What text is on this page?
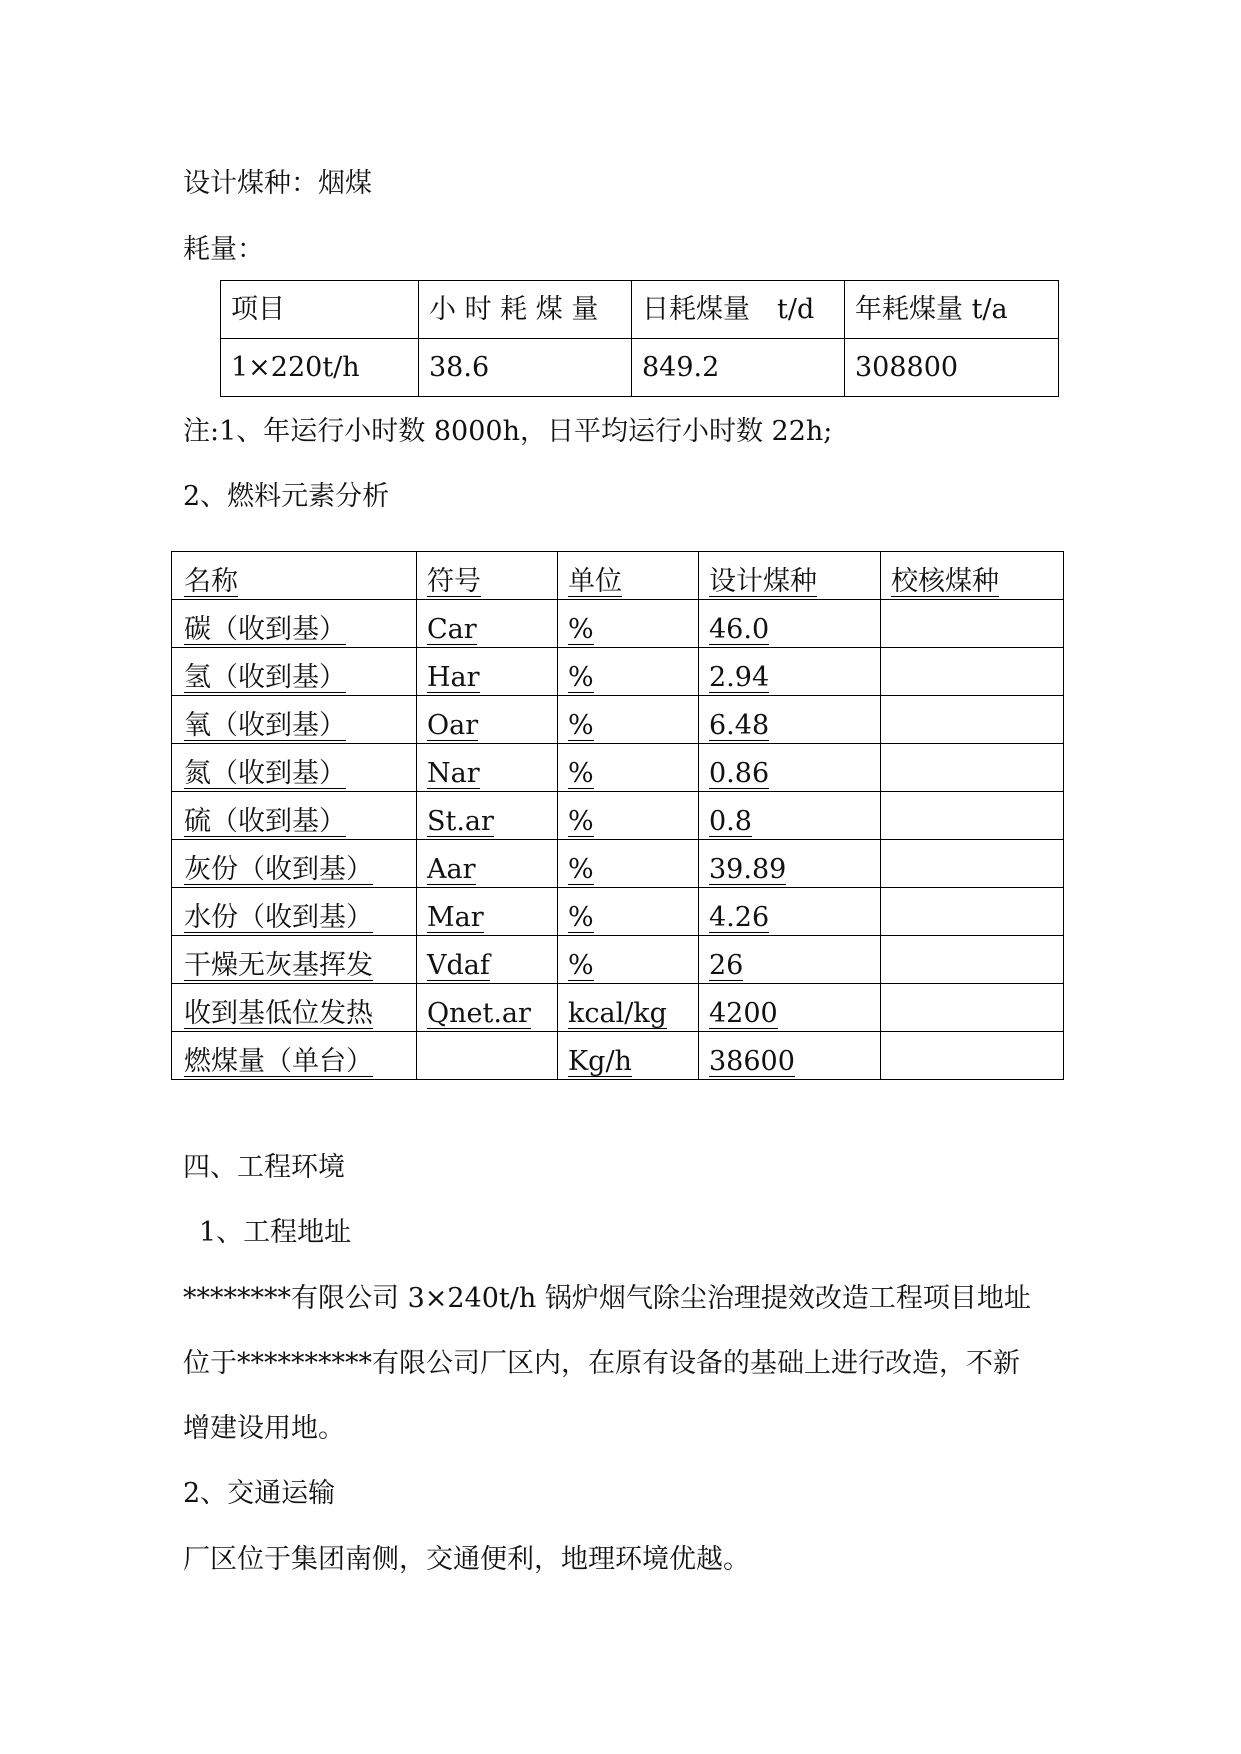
设计煤种：烟煤
耗量：
项目	小 时 耗 煤 量	日耗煤量　t/d	年耗煤量 t/a
1×220t/h	38.6	849.2	308800
注:1、年运行小时数 8000h，日平均运行小时数 22h;
2、燃料元素分析
名称	符号	单位	设计煤种	校核煤种
碳（收到基）	Car	%	46.0	
氢（收到基）	Har	%	2.94	
氧（收到基）	Oar	%	6.48	
氮（收到基）	Nar	%	0.86	
硫（收到基）	St.ar	%	0.8	
灰份（收到基）	Aar	%	39.89	
水份（收到基）	Mar	%	4.26	
干燥无灰基挥发	Vdaf	%	26	
收到基低位发热	Qnet.ar	kcal/kg	4200	
燃煤量（单台）		Kg/h	38600	
四、工程环境
1、工程地址
********有限公司 3×240t/h 锅炉烟气除尘治理提效改造工程项目地址
位于**********有限公司厂区内，在原有设备的基础上进行改造，不新
增建设用地。
2、交通运输
厂区位于集团南侧，交通便利，地理环境优越。
